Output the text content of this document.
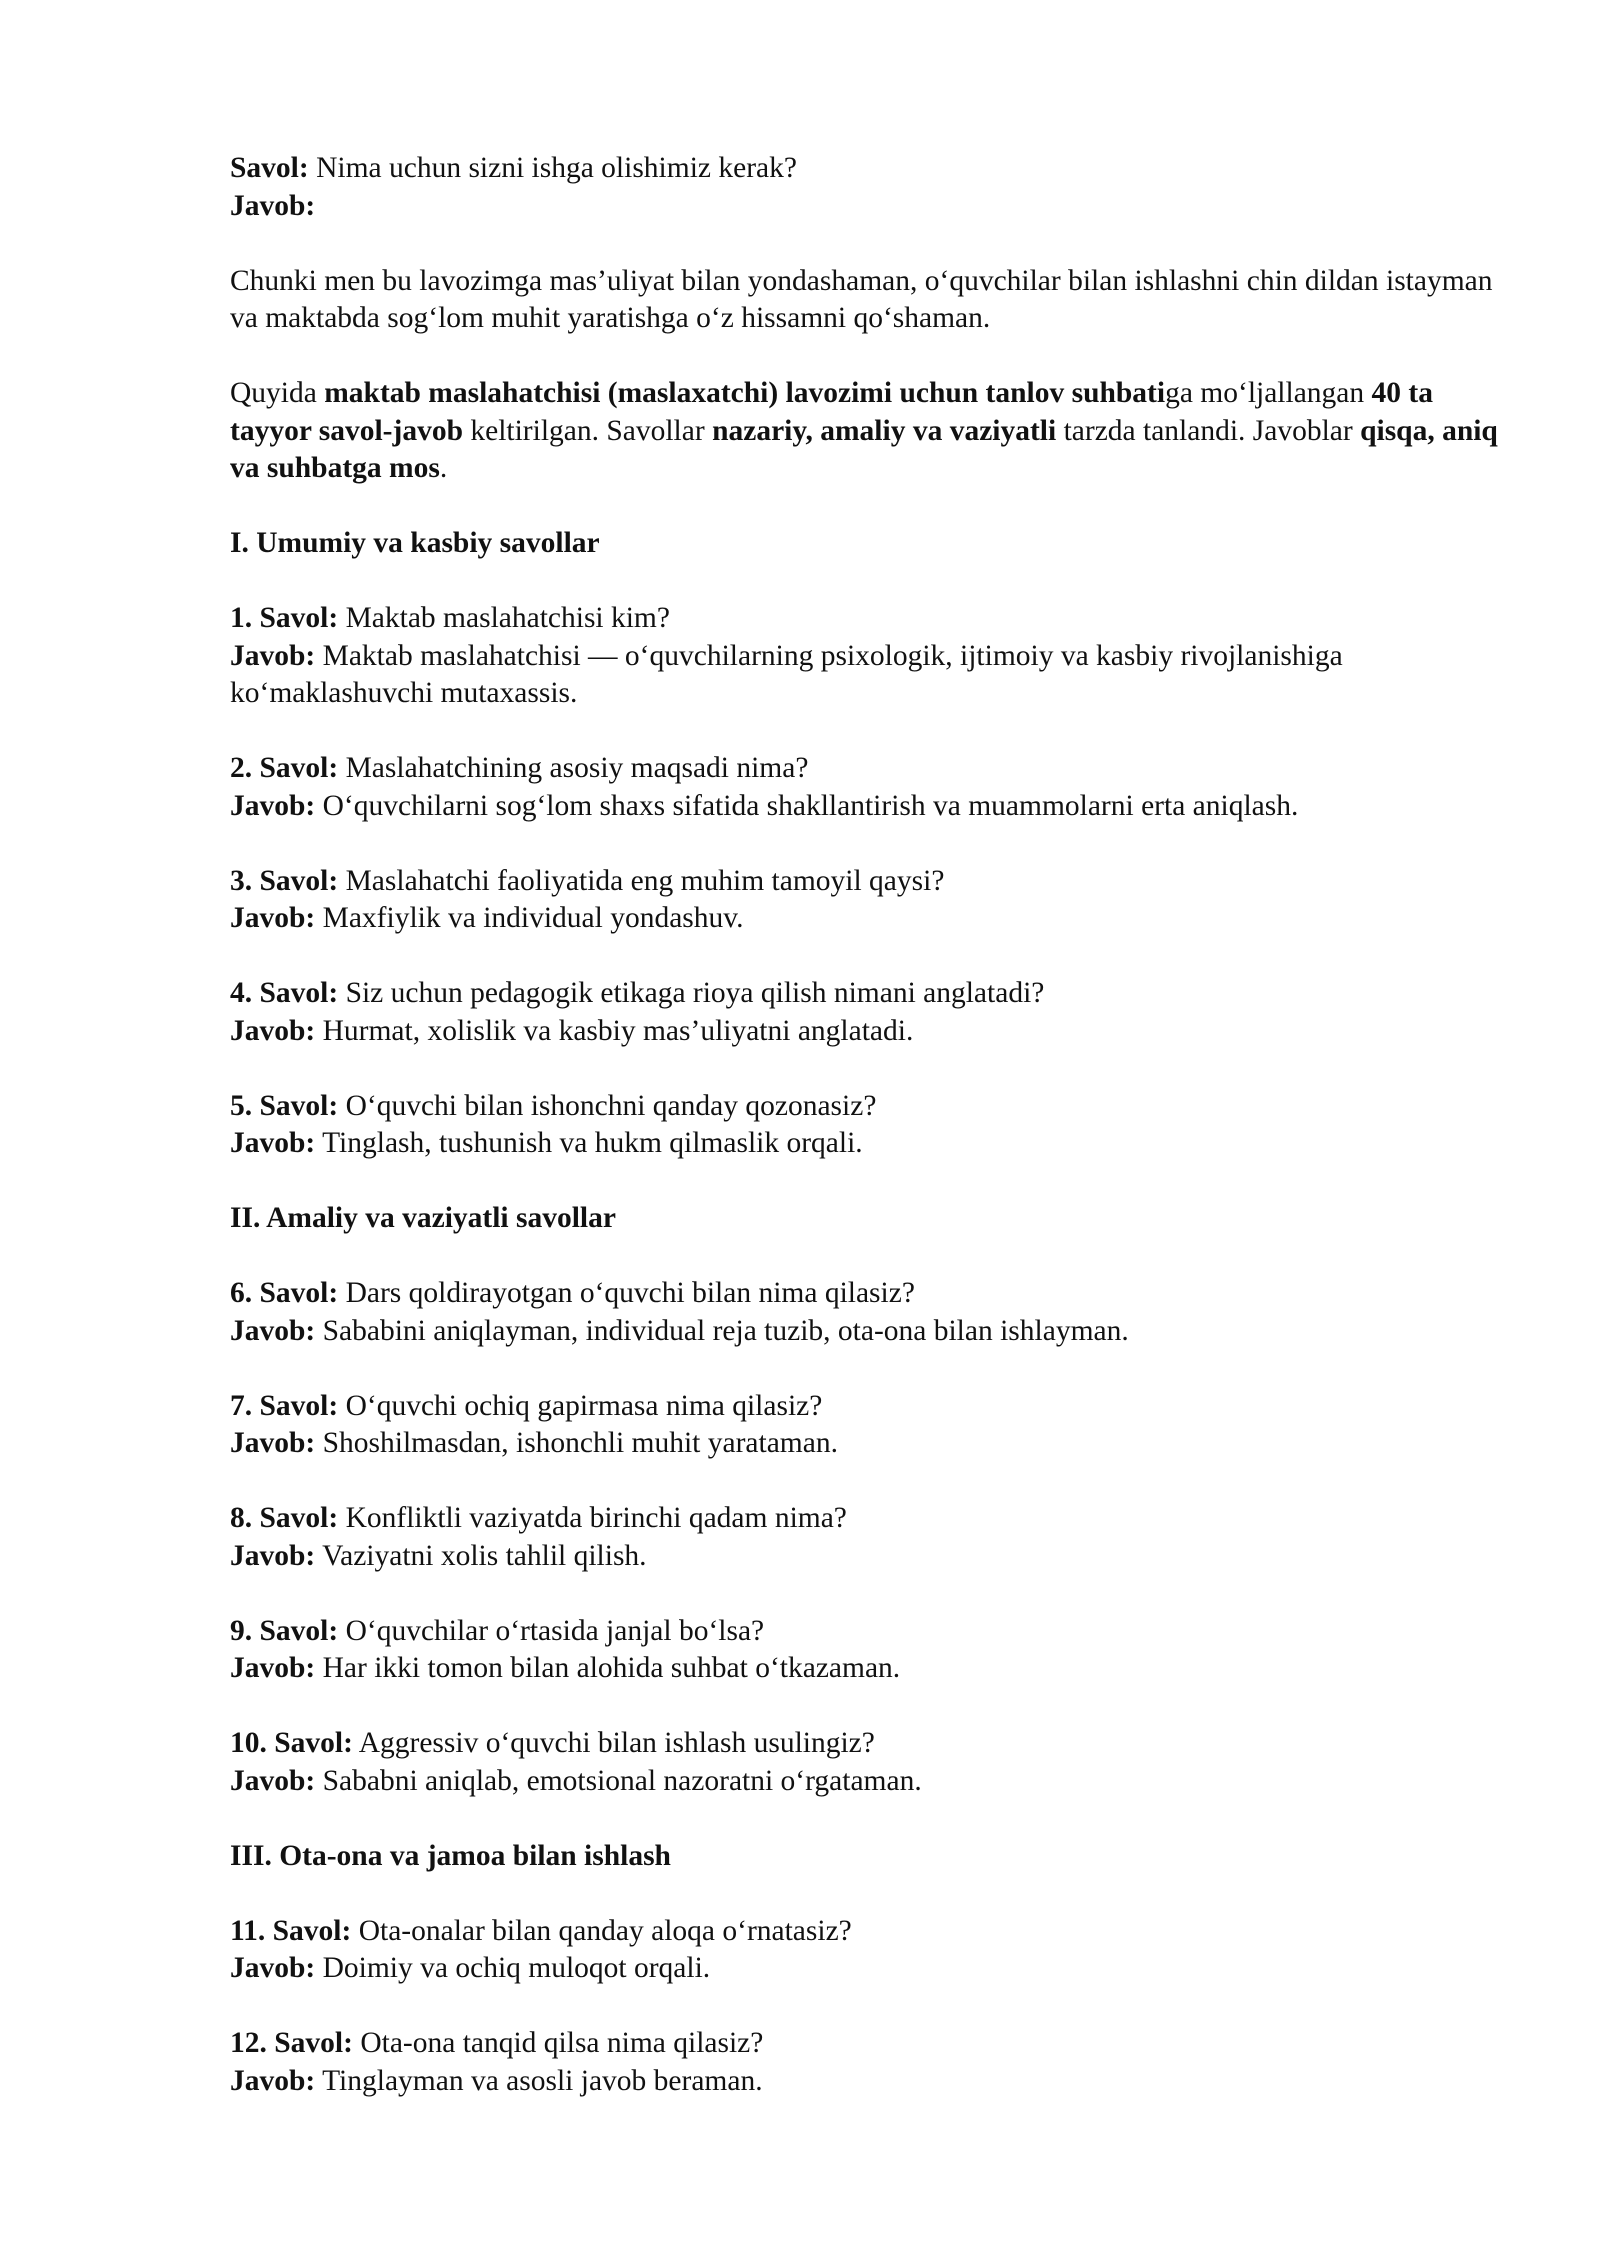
Savol: Nima uchun sizni ishga olishimiz kerak?

Javob:

Chunki men bu lavozimga mas’uliyat bilan yondashaman, o‘quvchilar bilan ishlashni chin dildan istayman va maktabda sog‘lom muhit yaratishga o‘z hissamni qo‘shaman.

Quyida maktab maslahatchisi (maslaxatchi) lavozimi uchun tanlov suhbatiga mo‘ljallangan 40 ta tayyor savol-javob keltirilgan. Savollar nazariy, amaliy va vaziyatli tarzda tanlandi. Javoblar qisqa, aniq va suhbatga mos.

I. Umumiy va kasbiy savollar

1. Savol: Maktab maslahatchisi kim?
Javob: Maktab maslahatchisi — o‘quvchilarning psixologik, ijtimoiy va kasbiy rivojlanishiga ko‘maklashuvchi mutaxassis.

2. Savol: Maslahatchining asosiy maqsadi nima?
Javob: O‘quvchilarni sog‘lom shaxs sifatida shakllantirish va muammolarni erta aniqlash.

3. Savol: Maslahatchi faoliyatida eng muhim tamoyil qaysi?
Javob: Maxfiylik va individual yondashuv.

4. Savol: Siz uchun pedagogik etikaga rioya qilish nimani anglatadi?
Javob: Hurmat, xolislik va kasbiy mas’uliyatni anglatadi.

5. Savol: O‘quvchi bilan ishonchni qanday qozonasiz?
Javob: Tinglash, tushunish va hukm qilmaslik orqali.

II. Amaliy va vaziyatli savollar

6. Savol: Dars qoldirayotgan o‘quvchi bilan nima qilasiz?
Javob: Sababini aniqlayman, individual reja tuzib, ota-ona bilan ishlayman.

7. Savol: O‘quvchi ochiq gapirmasa nima qilasiz?
Javob: Shoshilmasdan, ishonchli muhit yarataman.

8. Savol: Konfliktli vaziyatda birinchi qadam nima?
Javob: Vaziyatni xolis tahlil qilish.

9. Savol: O‘quvchilar o‘rtasida janjal bo‘lsa?
Javob: Har ikki tomon bilan alohida suhbat o‘tkazaman.

10. Savol: Aggressiv o‘quvchi bilan ishlash usulingiz?
Javob: Sababni aniqlab, emotsional nazoratni o‘rgataman.

III. Ota-ona va jamoa bilan ishlash

11. Savol: Ota-onalar bilan qanday aloqa o‘rnatasiz?
Javob: Doimiy va ochiq muloqot orqali.

12. Savol: Ota-ona tanqid qilsa nima qilasiz?
Javob: Tinglayman va asosli javob beraman.
